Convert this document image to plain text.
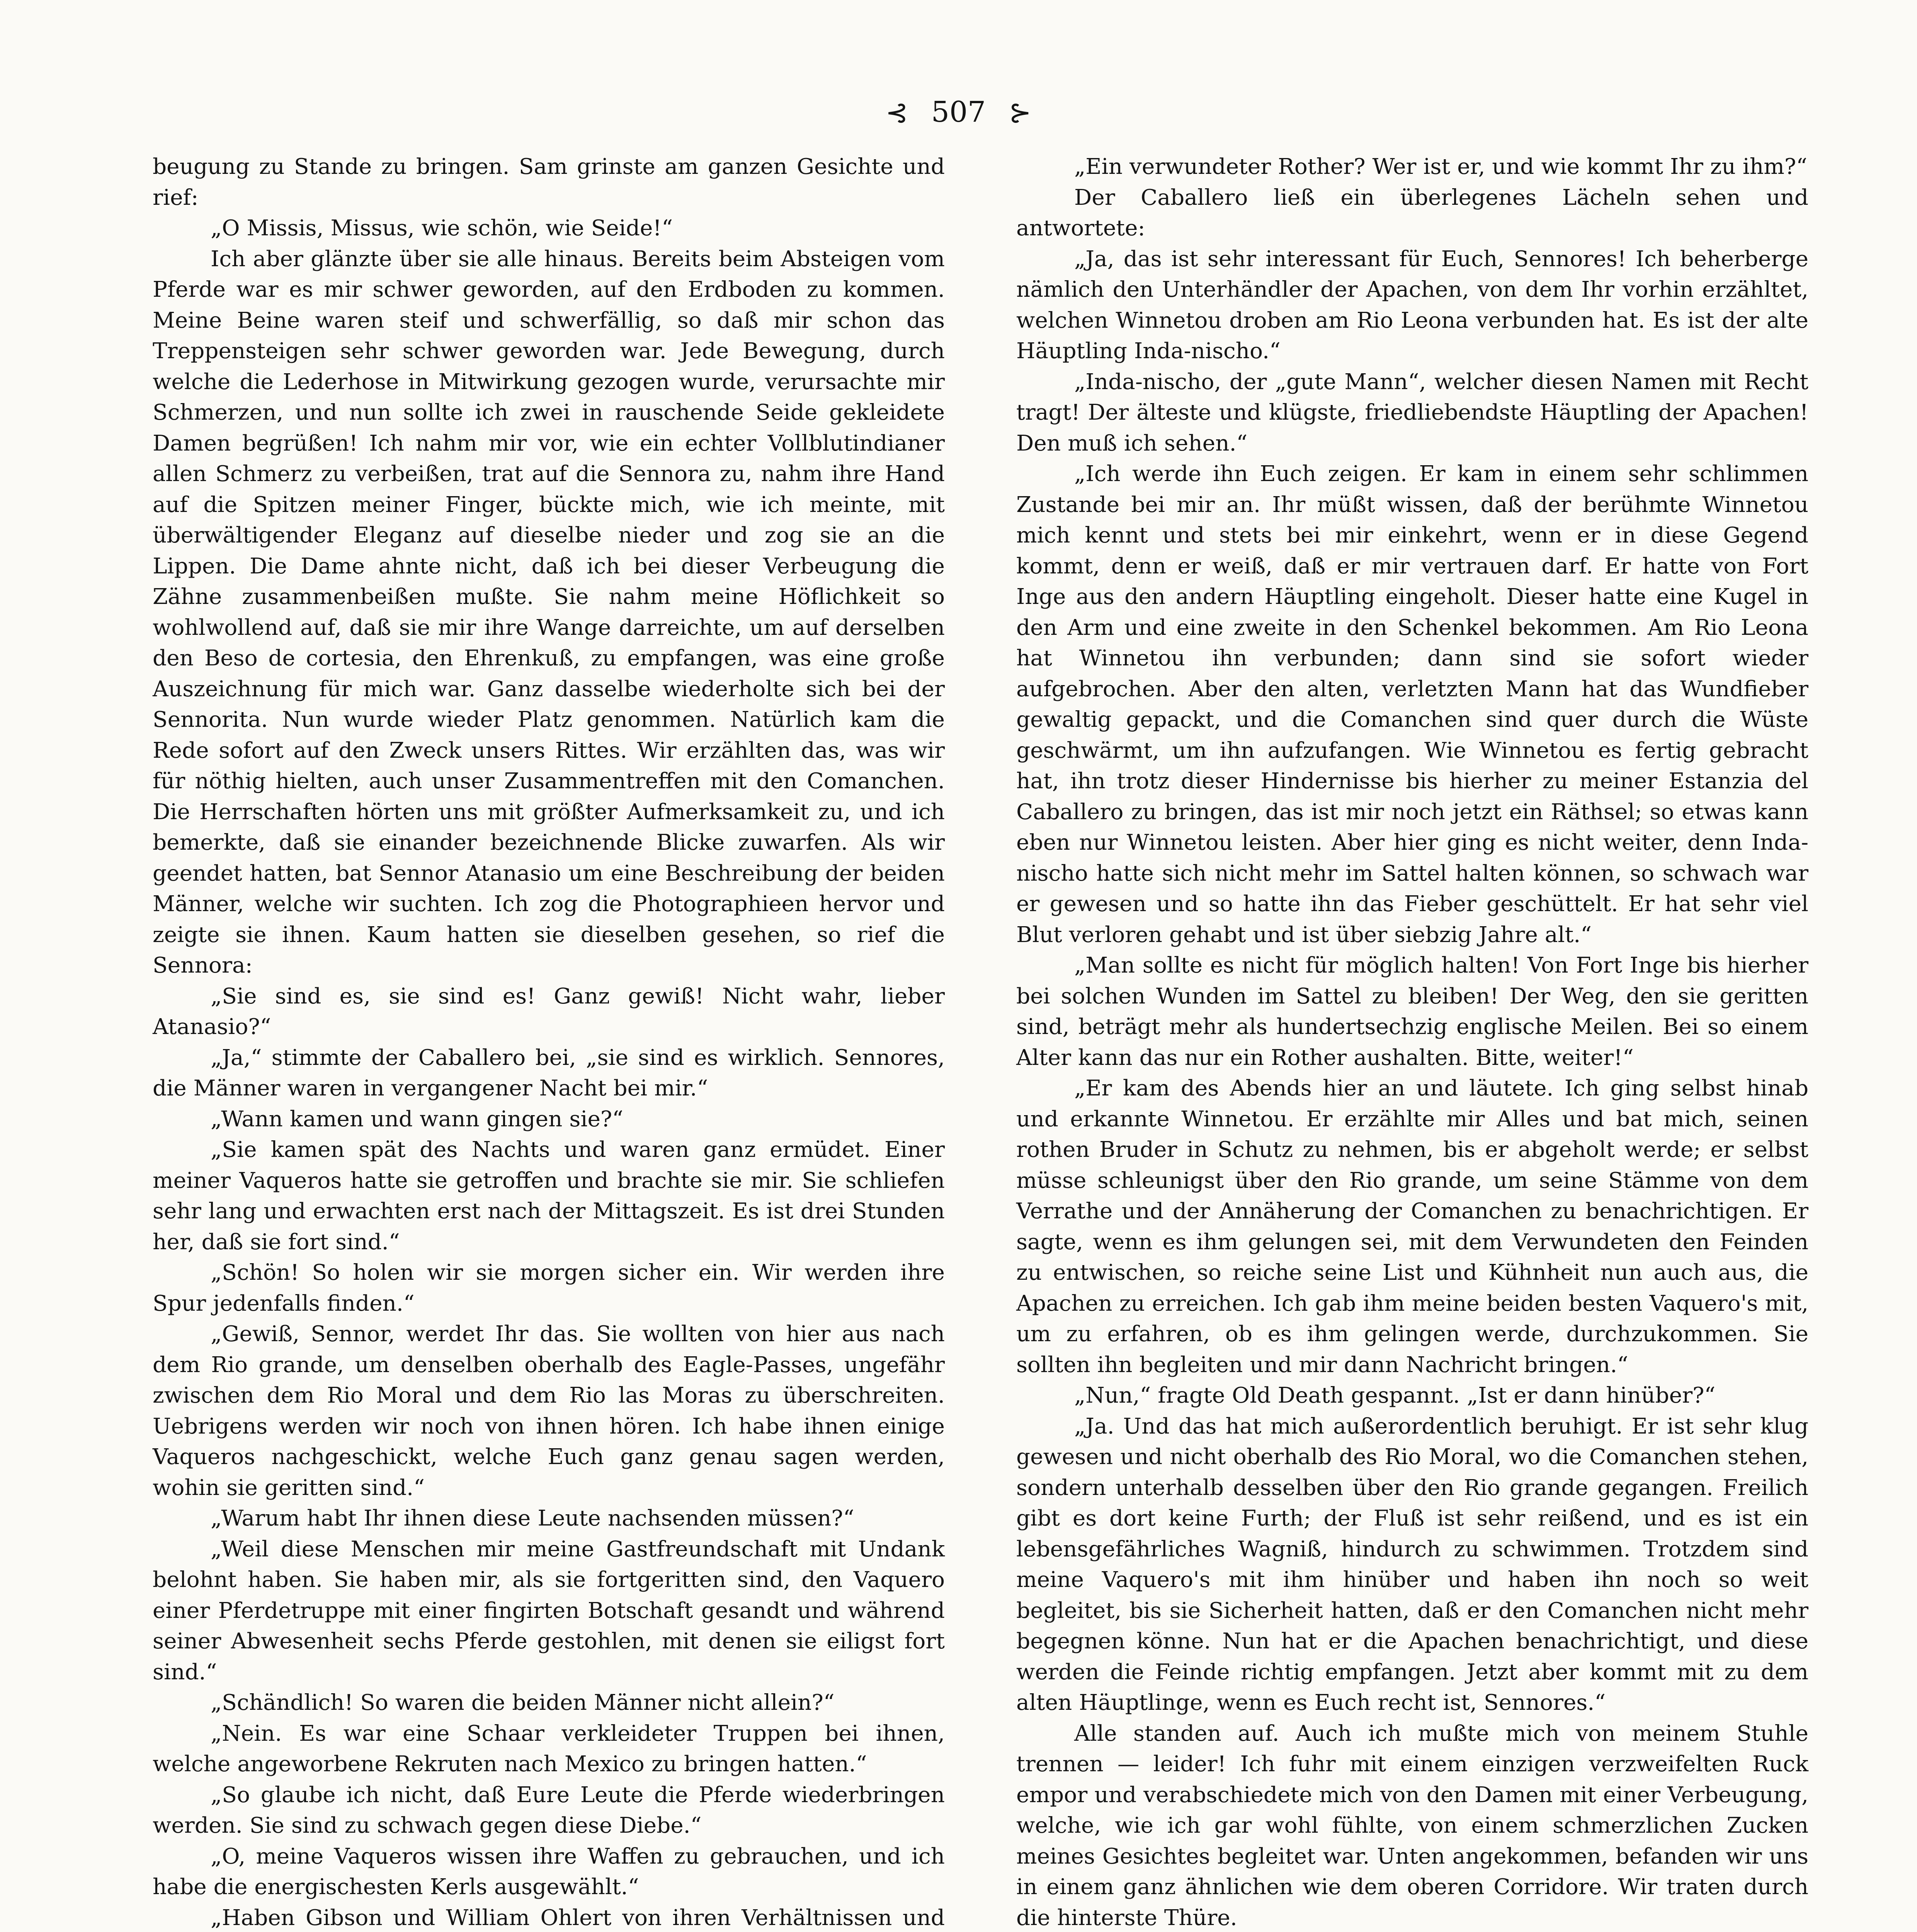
⊰ 507 ⊱

beugung zu Stande zu bringen. Sam grinste am ganzen Gesichte und rief:

„O Missis, Missus, wie schön, wie Seide!“

Ich aber glänzte über sie alle hinaus. Bereits beim Absteigen vom Pferde war es mir schwer geworden, auf den Erdboden zu kommen. Meine Beine waren steif und schwerfällig, so daß mir schon das Treppensteigen sehr schwer geworden war. Jede Bewegung, durch welche die Lederhose in Mitwirkung gezogen wurde, verursachte mir Schmerzen, und nun sollte ich zwei in rauschende Seide gekleidete Damen begrüßen! Ich nahm mir vor, wie ein echter Vollblutindianer allen Schmerz zu verbeißen, trat auf die Sennora zu, nahm ihre Hand auf die Spitzen meiner Finger, bückte mich, wie ich meinte, mit überwältigender Eleganz auf dieselbe nieder und zog sie an die Lippen. Die Dame ahnte nicht, daß ich bei dieser Verbeugung die Zähne zusammenbeißen mußte. Sie nahm meine Höflichkeit so wohlwollend auf, daß sie mir ihre Wange darreichte, um auf derselben den Beso de cortesia, den Ehrenkuß, zu empfangen, was eine große Auszeichnung für mich war. Ganz dasselbe wiederholte sich bei der Sennorita. Nun wurde wieder Platz genommen. Natürlich kam die Rede sofort auf den Zweck unsers Rittes. Wir erzählten das, was wir für nöthig hielten, auch unser Zusammentreffen mit den Comanchen. Die Herrschaften hörten uns mit größter Aufmerksamkeit zu, und ich bemerkte, daß sie einander bezeichnende Blicke zuwarfen. Als wir geendet hatten, bat Sennor Atanasio um eine Beschreibung der beiden Männer, welche wir suchten. Ich zog die Photographieen hervor und zeigte sie ihnen. Kaum hatten sie dieselben gesehen, so rief die Sennora:

„Sie sind es, sie sind es! Ganz gewiß! Nicht wahr, lieber Atanasio?“

„Ja,“ stimmte der Caballero bei, „sie sind es wirklich. Sennores, die Männer waren in vergangener Nacht bei mir.“

„Wann kamen und wann gingen sie?“

„Sie kamen spät des Nachts und waren ganz ermüdet. Einer meiner Vaqueros hatte sie getroffen und brachte sie mir. Sie schliefen sehr lang und erwachten erst nach der Mittagszeit. Es ist drei Stunden her, daß sie fort sind.“

„Schön! So holen wir sie morgen sicher ein. Wir werden ihre Spur jedenfalls finden.“

„Gewiß, Sennor, werdet Ihr das. Sie wollten von hier aus nach dem Rio grande, um denselben oberhalb des Eagle-Passes, ungefähr zwischen dem Rio Moral und dem Rio las Moras zu überschreiten. Uebrigens werden wir noch von ihnen hören. Ich habe ihnen einige Vaqueros nachgeschickt, welche Euch ganz genau sagen werden, wohin sie geritten sind.“

„Warum habt Ihr ihnen diese Leute nachsenden müssen?“

„Weil diese Menschen mir meine Gastfreundschaft mit Undank belohnt haben. Sie haben mir, als sie fortgeritten sind, den Vaquero einer Pferdetruppe mit einer fingirten Botschaft gesandt und während seiner Abwesenheit sechs Pferde gestohlen, mit denen sie eiligst fort sind.“

„Schändlich! So waren die beiden Männer nicht allein?“

„Nein. Es war eine Schaar verkleideter Truppen bei ihnen, welche angeworbene Rekruten nach Mexico zu bringen hatten.“

„So glaube ich nicht, daß Eure Leute die Pferde wiederbringen werden. Sie sind zu schwach gegen diese Diebe.“

„O, meine Vaqueros wissen ihre Waffen zu gebrauchen, und ich habe die energischesten Kerls ausgewählt.“

„Haben Gibson und William Ohlert von ihren Verhältnissen und

„Ein verwundeter Rother? Wer ist er, und wie kommt Ihr zu ihm?“

Der Caballero ließ ein überlegenes Lächeln sehen und antwortete:

„Ja, das ist sehr interessant für Euch, Sennores! Ich beherberge nämlich den Unterhändler der Apachen, von dem Ihr vorhin erzähltet, welchen Winnetou droben am Rio Leona verbunden hat. Es ist der alte Häuptling Inda-nischo.“

„Inda-nischo, der „gute Mann“, welcher diesen Namen mit Recht tragt! Der älteste und klügste, friedliebendste Häuptling der Apachen! Den muß ich sehen.“

„Ich werde ihn Euch zeigen. Er kam in einem sehr schlimmen Zustande bei mir an. Ihr müßt wissen, daß der berühmte Winnetou mich kennt und stets bei mir einkehrt, wenn er in diese Gegend kommt, denn er weiß, daß er mir vertrauen darf. Er hatte von Fort Inge aus den andern Häuptling eingeholt. Dieser hatte eine Kugel in den Arm und eine zweite in den Schenkel bekommen. Am Rio Leona hat Winnetou ihn verbunden; dann sind sie sofort wieder aufgebrochen. Aber den alten, verletzten Mann hat das Wundfieber gewaltig gepackt, und die Comanchen sind quer durch die Wüste geschwärmt, um ihn aufzufangen. Wie Winnetou es fertig gebracht hat, ihn trotz dieser Hindernisse bis hierher zu meiner Estanzia del Caballero zu bringen, das ist mir noch jetzt ein Räthsel; so etwas kann eben nur Winnetou leisten. Aber hier ging es nicht weiter, denn Inda-nischo hatte sich nicht mehr im Sattel halten können, so schwach war er gewesen und so hatte ihn das Fieber geschüttelt. Er hat sehr viel Blut verloren gehabt und ist über siebzig Jahre alt.“

„Man sollte es nicht für möglich halten! Von Fort Inge bis hierher bei solchen Wunden im Sattel zu bleiben! Der Weg, den sie geritten sind, beträgt mehr als hundertsechzig englische Meilen. Bei so einem Alter kann das nur ein Rother aushalten. Bitte, weiter!“

„Er kam des Abends hier an und läutete. Ich ging selbst hinab und erkannte Winnetou. Er erzählte mir Alles und bat mich, seinen rothen Bruder in Schutz zu nehmen, bis er abgeholt werde; er selbst müsse schleunigst über den Rio grande, um seine Stämme von dem Verrathe und der Annäherung der Comanchen zu benachrichtigen. Er sagte, wenn es ihm gelungen sei, mit dem Verwundeten den Feinden zu entwischen, so reiche seine List und Kühnheit nun auch aus, die Apachen zu erreichen. Ich gab ihm meine beiden besten Vaquero's mit, um zu erfahren, ob es ihm gelingen werde, durchzukommen. Sie sollten ihn begleiten und mir dann Nachricht bringen.“

„Nun,“ fragte Old Death gespannt. „Ist er dann hinüber?“

„Ja. Und das hat mich außerordentlich beruhigt. Er ist sehr klug gewesen und nicht oberhalb des Rio Moral, wo die Comanchen stehen, sondern unterhalb desselben über den Rio grande gegangen. Freilich gibt es dort keine Furth; der Fluß ist sehr reißend, und es ist ein lebensgefährliches Wagniß, hindurch zu schwimmen. Trotzdem sind meine Vaquero's mit ihm hinüber und haben ihn noch so weit begleitet, bis sie Sicherheit hatten, daß er den Comanchen nicht mehr begegnen könne. Nun hat er die Apachen benachrichtigt, und diese werden die Feinde richtig empfangen. Jetzt aber kommt mit zu dem alten Häuptlinge, wenn es Euch recht ist, Sennores.“

Alle standen auf. Auch ich mußte mich von meinem Stuhle trennen — leider! Ich fuhr mit einem einzigen verzweifelten Ruck empor und verabschiedete mich von den Damen mit einer Verbeugung, welche, wie ich gar wohl fühlte, von einem schmerzlichen Zucken meines Gesichtes begleitet war. Unten angekommen, befanden wir uns in einem ganz ähnlichen wie dem oberen Corridore. Wir traten durch die hinterste Thüre.
